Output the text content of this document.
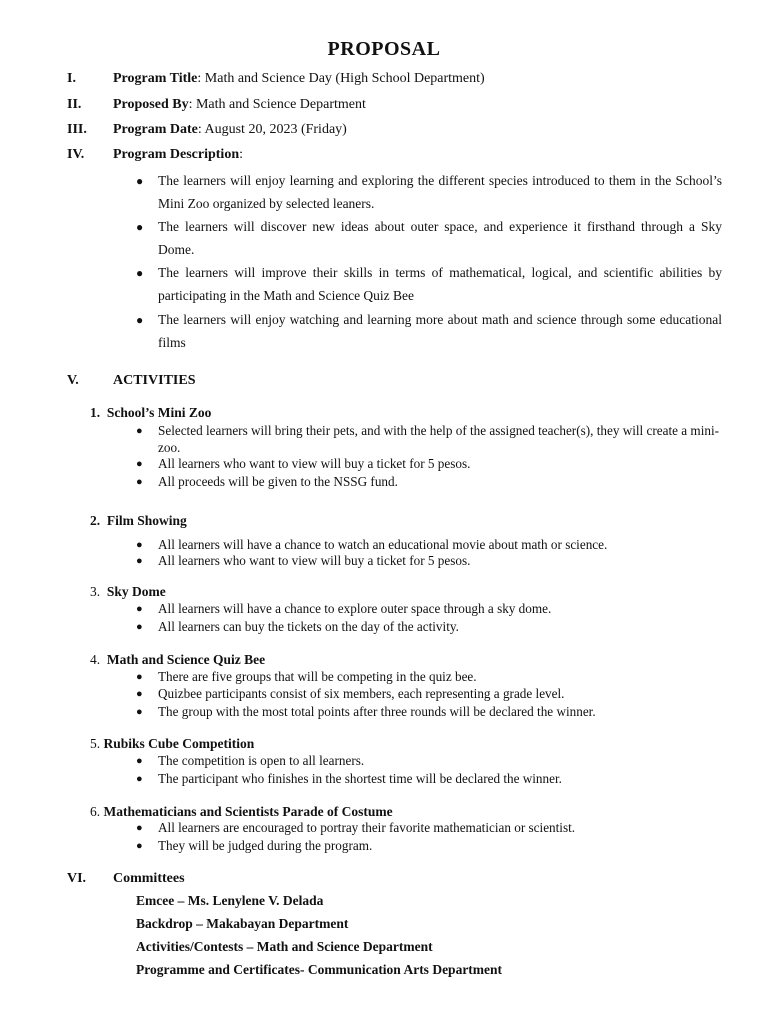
PROPOSAL
I.	Program Title: Math and Science Day (High School Department)
II. Proposed By: Math and Science Department
III. Program Date: August 20, 2023 (Friday)
IV. Program Description:
● The learners will enjoy learning and exploring the different species introduced to them in the School’s Mini Zoo organized by selected leaners.
● The learners will discover new ideas about outer space, and experience it firsthand through a Sky Dome.
● The learners will improve their skills in terms of mathematical, logical, and scientific abilities by participating in the Math and Science Quiz Bee
● The learners will enjoy watching and learning more about math and science through some educational films
V. ACTIVITIES
1. School’s Mini Zoo
● Selected learners will bring their pets, and with the help of the assigned teacher(s), they will create a mini-zoo.
● All learners who want to view will buy a ticket for 5 pesos.
● All proceeds will be given to the NSSG fund.
2. Film Showing
● All learners will have a chance to watch an educational movie about math or science.
● All learners who want to view will buy a ticket for 5 pesos.
3. Sky Dome
● All learners will have a chance to explore outer space through a sky dome.
● All learners can buy the tickets on the day of the activity.
4. Math and Science Quiz Bee
● There are five groups that will be competing in the quiz bee.
● Quizbee participants consist of six members, each representing a grade level.
● The group with the most total points after three rounds will be declared the winner.
5. Rubiks Cube Competition
● The competition is open to all learners.
● The participant who finishes in the shortest time will be declared the winner.
6. Mathematicians and Scientists Parade of Costume
● All learners are encouraged to portray their favorite mathematician or scientist.
● They will be judged during the program.
VI. Committees
Emcee – Ms. Lenylene V. Delada
Backdrop – Makabayan Department
Activities/Contests – Math and Science Department
Programme and Certificates- Communication Arts Department
